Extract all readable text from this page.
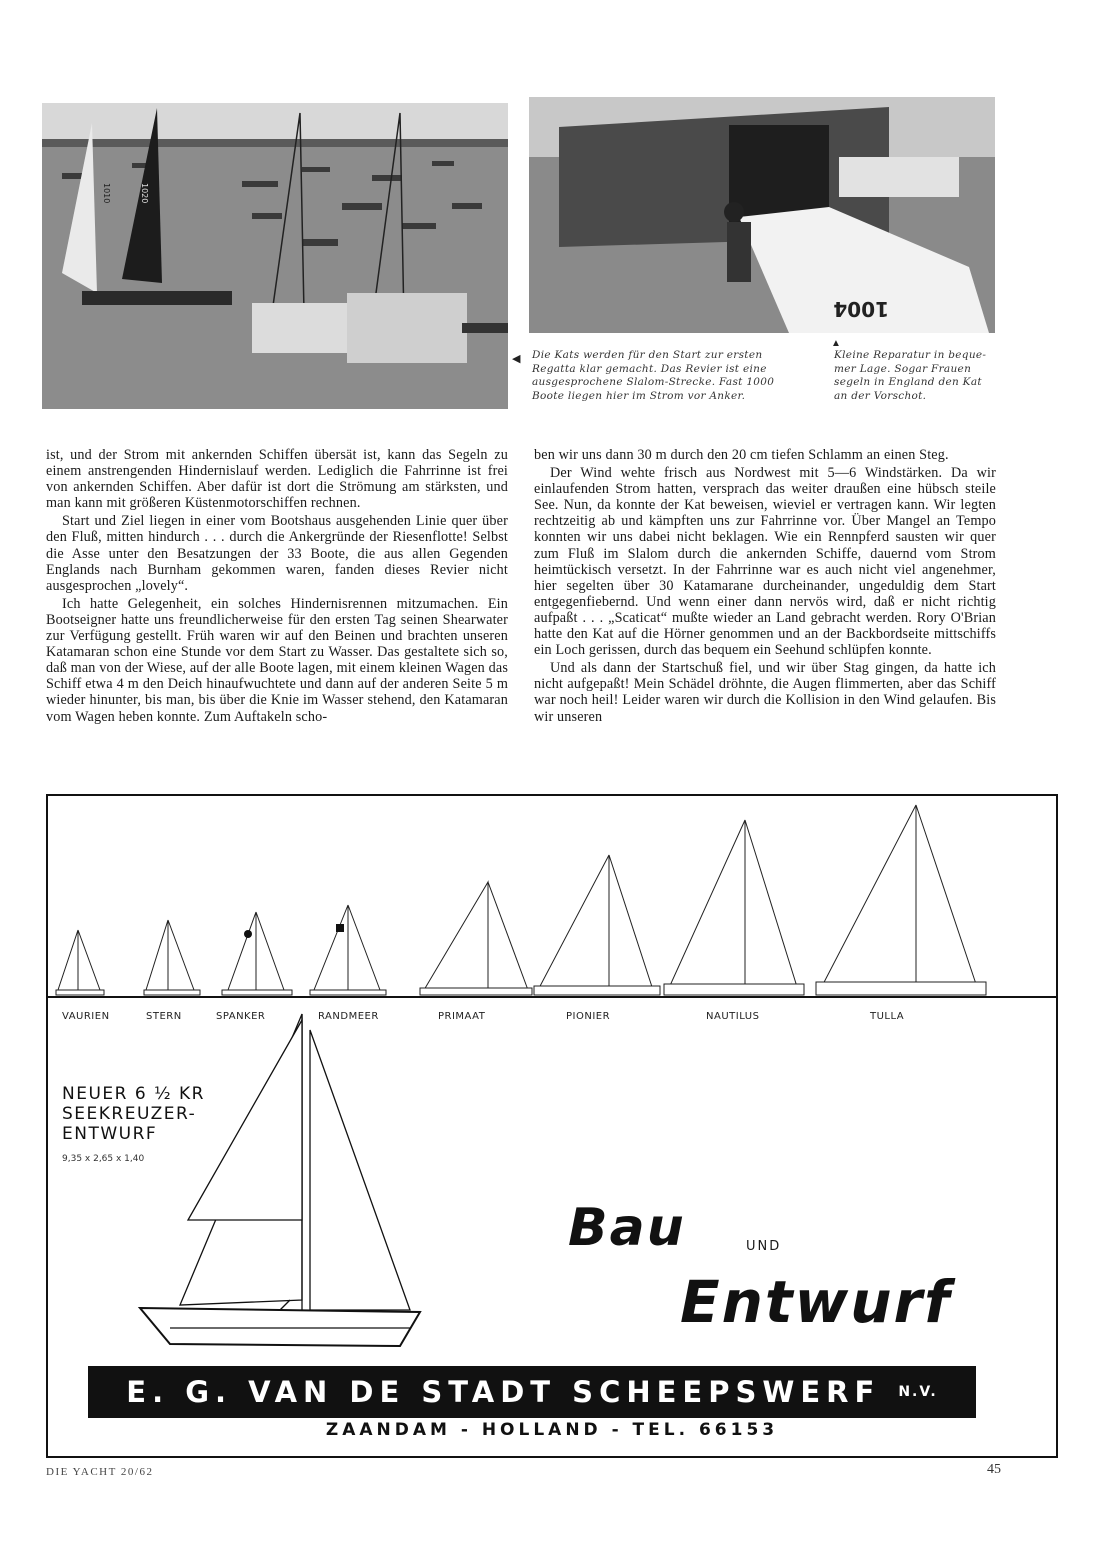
1010	1020
1004
◀ Die Kats werden für den Start zur ersten Regatta klar gemacht. Das Revier ist eine ausgesprochene Slalom-Strecke. Fast 1000 Boote liegen hier im Strom vor Anker.
▲
Kleine Reparatur in beque-mer Lage. Sogar Frauen segeln in England den Kat an der Vorschot.

ist, und der Strom mit ankernden Schiffen übersät ist, kann das Segeln zu einem anstrengenden Hindernislauf werden. Lediglich die Fahrrinne ist frei von ankernden Schiffen. Aber dafür ist dort die Strömung am stärksten, und man kann mit größeren Küstenmotorschiffen rechnen.

Start und Ziel liegen in einer vom Bootshaus ausgehenden Linie quer über den Fluß, mitten hindurch . . . durch die Ankergründe der Riesenflotte! Selbst die Asse unter den Besatzungen der 33 Boote, die aus allen Gegenden Englands nach Burnham gekommen waren, fanden dieses Revier nicht ausgesprochen „lovely“.

Ich hatte Gelegenheit, ein solches Hindernisrennen mitzumachen. Ein Bootseigner hatte uns freundlicherweise für den ersten Tag seinen Shearwater zur Verfügung gestellt. Früh waren wir auf den Beinen und brachten unseren Katamaran schon eine Stunde vor dem Start zu Wasser. Das gestaltete sich so, daß man von der Wiese, auf der alle Boote lagen, mit einem kleinen Wagen das Schiff etwa 4 m den Deich hinaufwuchtete und dann auf der anderen Seite 5 m wieder hinunter, bis man, bis über die Knie im Wasser stehend, den Katamaran vom Wagen heben konnte. Zum Auftakeln scho-

ben wir uns dann 30 m durch den 20 cm tiefen Schlamm an einen Steg.

Der Wind wehte frisch aus Nordwest mit 5—6 Windstärken. Da wir einlaufenden Strom hatten, versprach das weiter draußen eine hübsch steile See. Nun, da konnte der Kat beweisen, wieviel er vertragen kann. Wir legten rechtzeitig ab und kämpften uns zur Fahrrinne vor. Über Mangel an Tempo konnten wir uns dabei nicht beklagen. Wie ein Rennpferd sausten wir quer zum Fluß im Slalom durch die ankernden Schiffe, dauernd vom Strom heimtückisch versetzt. In der Fahrrinne war es auch nicht viel angenehmer, hier segelten über 30 Katamarane durcheinander, ungeduldig dem Start entgegenfiebernd. Und wenn einer dann nervös wird, daß er nicht richtig aufpaßt . . . „Scaticat“ mußte wieder an Land gebracht werden. Rory O'Brian hatte den Kat auf die Hörner genommen und an der Backbordseite mittschiffs ein Loch gerissen, durch das bequem ein Seehund schlüpfen konnte.

Und als dann der Startschuß fiel, und wir über Stag gingen, da hatte ich nicht aufgepaßt! Mein Schädel dröhnte, die Augen flimmerten, aber das Schiff war noch heil! Leider waren wir durch die Kollision in den Wind gelaufen. Bis wir unseren

VAURIEN	STERN	SPANKER	RANDMEER	PRIMAAT	PIONIER	NAUTILUS	TULLA
NEUER 6 ½ KR
SEEKREUZER-
ENTWURF
9,35 x 2,65 x 1,40
Bau	UND
Entwurf
E. G. VAN DE STADT SCHEEPSWERF N.V.
ZAANDAM - HOLLAND - TEL. 66153
DIE YACHT 20/62	45
